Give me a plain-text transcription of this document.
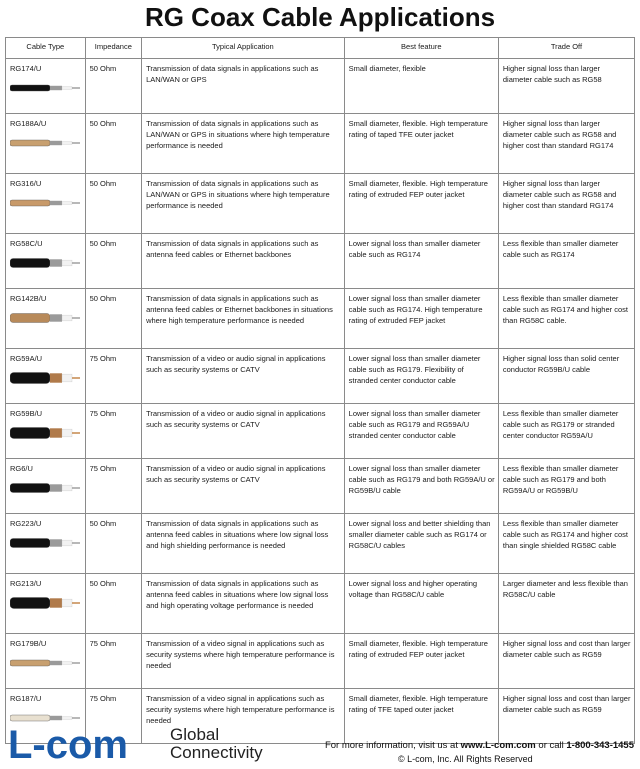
RG Coax Cable Applications
Cable Type	Impedance	Typical Application	Best feature	Trade Off

RG174/U	50 Ohm	Transmission of data signals in applications such as LAN/WAN or GPS	Small diameter, flexible	Higher signal loss than larger diameter cable such as RG58

RG188A/U	50 Ohm	Transmission of data signals in applications such as LAN/WAN or GPS in situations where high temperature performance is needed	Small diameter, flexible. High temperature rating of taped TFE outer jacket	Higher signal loss than larger diameter cable such as RG58 and higher cost than standard RG174

RG316/U	50 Ohm	Transmission of data signals in applications such as LAN/WAN or GPS in situations where high temperature performance is needed	Small diameter, flexible. High temperature rating of extruded FEP outer jacket	Higher signal loss than larger diameter cable such as RG58 and higher cost than standard RG174

RG58C/U	50 Ohm	Transmission of data signals in applications such as antenna feed cables or Ethernet backbones	Lower signal loss than smaller diameter cable such as RG174	Less flexible than smaller diameter cable such as RG174

RG142B/U	50 Ohm	Transmission of data signals in applications such as antenna feed cables or Ethernet backbones in situations where high temperature performance is needed	Lower signal loss than smaller diameter cable such as RG174. High temperature rating of extruded FEP jacket	Less flexible than smaller diameter cable such as RG174 and higher cost than RG58C cable.

RG59A/U	75 Ohm	Transmission of a video or audio signal in applications such as security systems or CATV	Lower signal loss than smaller diameter cable such as RG179. Flexibility of stranded center conductor cable	Higher signal loss than solid center conductor RG59B/U cable

RG59B/U	75 Ohm	Transmission of a video or audio signal in applications such as security systems or CATV	Lower signal loss than smaller diameter cable such as RG179 and RG59A/U stranded center conductor cable	Less flexible than smaller diameter cable such as RG179 or stranded center conductor RG59A/U

RG6/U	75 Ohm	Transmission of a video or audio signal in applications such as security systems or CATV	Lower signal loss than smaller diameter cable such as RG179 and both RG59A/U or RG59B/U cable	Less flexible than smaller diameter cable such as RG179 and both RG59A/U or RG59B/U

RG223/U	50 Ohm	Transmission of data signals in applications such as antenna feed cables in situations where low signal loss and high shielding performance is needed	Lower signal loss and better shielding than smaller diameter cable such as RG174 or RG58C/U cables	Less flexible than smaller diameter cable such as RG174 and higher cost than single shielded RG58C cable

RG213/U	50 Ohm	Transmission of data signals in applications such as antenna feed cables in situations where low signal loss and high operating voltage performance is needed	Lower signal loss and higher operating voltage than RG58C/U cable	Larger diameter and less flexible than RG58C/U cable

RG179B/U	75 Ohm	Transmission of a video signal in applications such as security systems where high temperature performance is needed	Small diameter, flexible. High temperature rating of extruded FEP outer jacket	Higher signal loss and cost than larger diameter cable such as RG59

RG187/U	75 Ohm	Transmission of a video signal in applications such as security systems where high temperature performance is needed	Small diameter, flexible. High temperature rating of TFE taped outer jacket	Higher signal loss and cost than larger diameter cable such as RG59
L-com Global
Connectivity	For more information, visit us at www.L-com.com or call 1-800-343-1455
© L-com, Inc. All Rights Reserved
